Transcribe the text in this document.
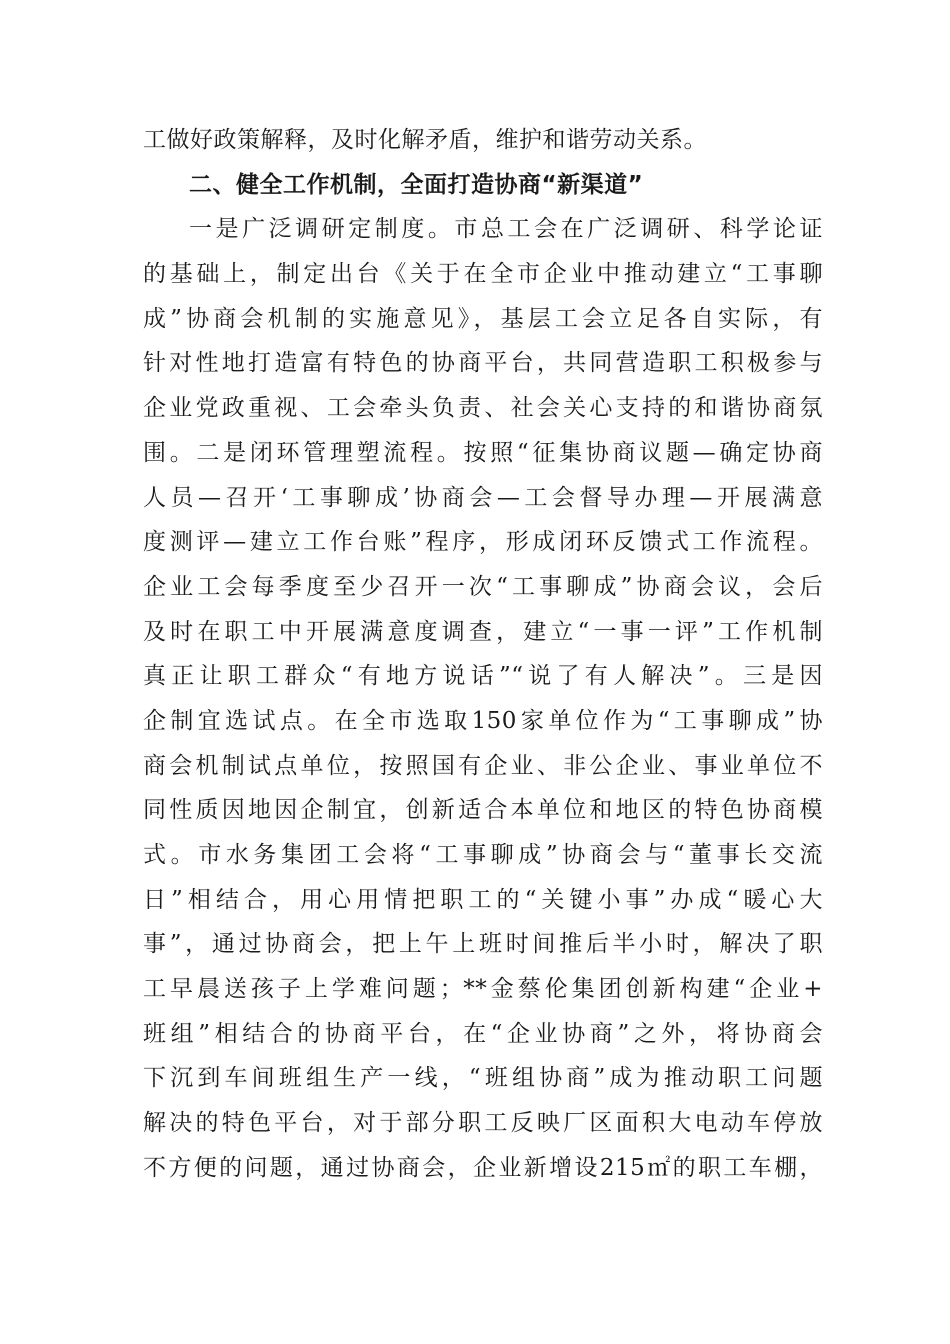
工做好政策解释，及时化解矛盾，维护和谐劳动关系。
二、健全工作机制，全面打造协商“新渠道”
一是广泛调研定制度。市总工会在广泛调研、科学论证
的基础上，制定出台《关于在全市企业中推动建立“工事聊
成”协商会机制的实施意见》，基层工会立足各自实际，有
针对性地打造富有特色的协商平台，共同营造职工积极参与
企业党政重视、工会牵头负责、社会关心支持的和谐协商氛
围。二是闭环管理塑流程。按照“征集协商议题—确定协商
人员—召开‘工事聊成’协商会—工会督导办理—开展满意
度测评—建立工作台账”程序，形成闭环反馈式工作流程。
企业工会每季度至少召开一次“工事聊成”协商会议，会后
及时在职工中开展满意度调查，建立“一事一评”工作机制
真正让职工群众“有地方说话”“说了有人解决”。三是因
企制宜选试点。在全市选取150家单位作为“工事聊成”协
商会机制试点单位，按照国有企业、非公企业、事业单位不
同性质因地因企制宜，创新适合本单位和地区的特色协商模
式。市水务集团工会将“工事聊成”协商会与“董事长交流
日”相结合，用心用情把职工的“关键小事”办成“暖心大
事”，通过协商会，把上午上班时间推后半小时，解决了职
工早晨送孩子上学难问题；**金蔡伦集团创新构建“企业+
班组”相结合的协商平台，在“企业协商”之外，将协商会
下沉到车间班组生产一线，“班组协商”成为推动职工问题
解决的特色平台，对于部分职工反映厂区面积大电动车停放
不方便的问题，通过协商会，企业新增设215㎡的职工车棚，
